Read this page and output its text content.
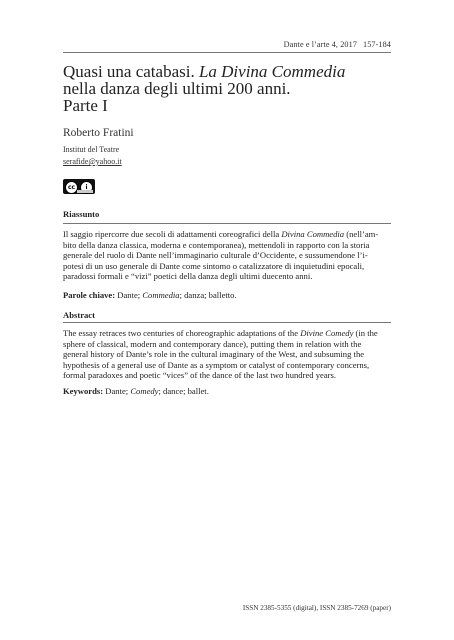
Dante e l’arte 4, 2017 157-184
Quasi una catabasi. La Divina Commedia
nella danza degli ultimi 200 anni.
Parte I
Roberto Fratini
Institut del Teatre
serafide@yahoo.it
cc	i
Riassunto
Il saggio ripercorre due secoli di adattamenti coreografici della Divina Commedia (nell’am-
bito della danza classica, moderna e contemporanea), mettendoli in rapporto con la storia
generale del ruolo di Dante nell’immaginario culturale d’Occidente, e sussumendone l’i-
potesi di un uso generale di Dante come sintomo o catalizzatore di inquietudini epocali,
paradossi formali e “vizi” poetici della danza degli ultimi duecento anni.
Parole chiave: Dante; Commedia; danza; balletto.
Abstract
The essay retraces two centuries of choreographic adaptations of the Divine Comedy (in the
sphere of classical, modern and contemporary dance), putting them in relation with the
general history of Dante’s role in the cultural imaginary of the West, and subsuming the
hypothesis of a general use of Dante as a symptom or catalyst of contemporary concerns,
formal paradoxes and poetic “vices” of the dance of the last two hundred years.
Keywords: Dante; Comedy; dance; ballet.
ISSN 2385-5355 (digital), ISSN 2385-7269 (paper)
